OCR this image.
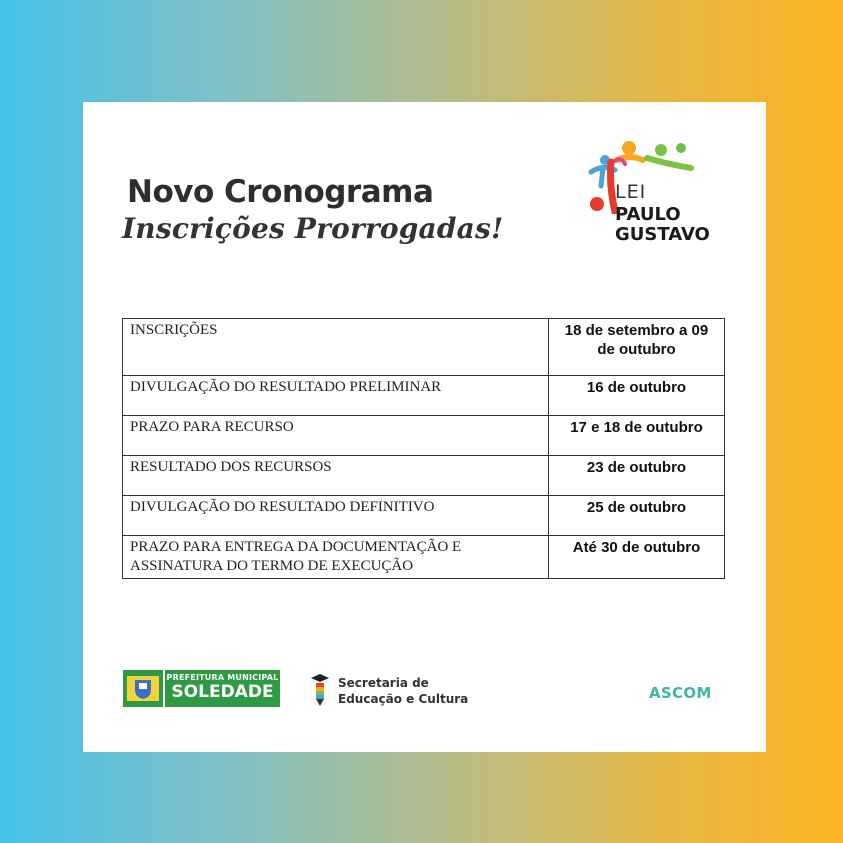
Novo Cronograma
Inscrições Prorrogadas!
LEI
PAULO
GUSTAVO
INSCRIÇÕES	18 de setembro a 09 de outubro
DIVULGAÇÃO DO RESULTADO PRELIMINAR	16 de outubro
PRAZO PARA RECURSO	17 e 18 de outubro
RESULTADO DOS RECURSOS	23 de outubro
DIVULGAÇÃO DO RESULTADO DEFINITIVO	25 de outubro
PRAZO PARA ENTREGA DA DOCUMENTAÇÃO E ASSINATURA DO TERMO DE EXECUÇÃO	Até 30 de outubro
PREFEITURA MUNICIPAL
SOLEDADE	Secretaria de
Educação e Cultura	ASCOM
